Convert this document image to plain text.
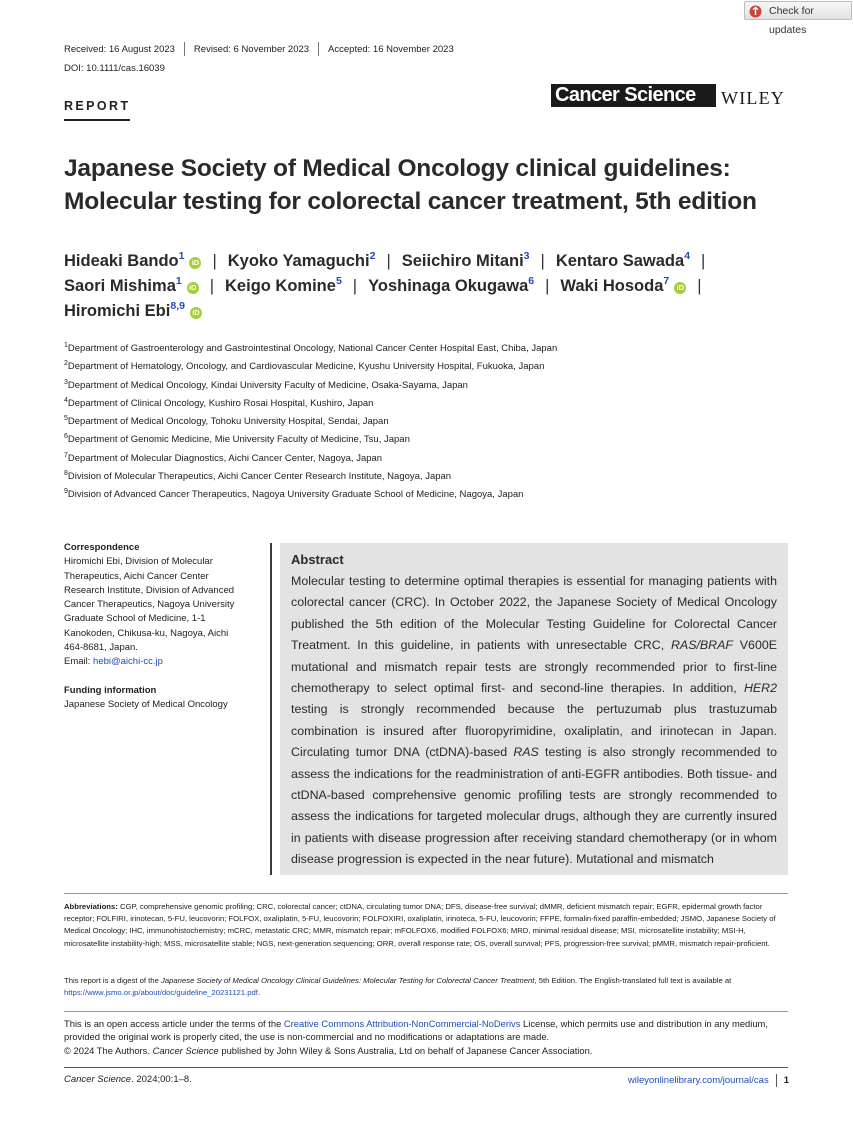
Check for updates
Received: 16 August 2023 Revised: 6 November 2023 Accepted: 16 November 2023
DOI: 10.1111/cas.16039
REPORT	Cancer Science	WILEY
Japanese Society of Medical Oncology clinical guidelines: Molecular testing for colorectal cancer treatment, 5th edition
Hideaki Bando$^1$iD | Kyoko Yamaguchi$^2$ | Seiichiro Mitani$^3$ | Kentaro Sawada$^4$ |
Saori Mishima$^1$iD | Keigo Komine$^5$ | Yoshinaga Okugawa$^6$ | Waki Hosoda$^7$iD |
Hiromichi Ebi$^{8,9}$iD
$^1$Department of Gastroenterology and Gastrointestinal Oncology, National Cancer Center Hospital East, Chiba, Japan
$^2$Department of Hematology, Oncology, and Cardiovascular Medicine, Kyushu University Hospital, Fukuoka, Japan
$^3$Department of Medical Oncology, Kindai University Faculty of Medicine, Osaka-Sayama, Japan
$^4$Department of Clinical Oncology, Kushiro Rosai Hospital, Kushiro, Japan
$^5$Department of Medical Oncology, Tohoku University Hospital, Sendai, Japan
$^6$Department of Genomic Medicine, Mie University Faculty of Medicine, Tsu, Japan
$^7$Department of Molecular Diagnostics, Aichi Cancer Center, Nagoya, Japan
$^8$Division of Molecular Therapeutics, Aichi Cancer Center Research Institute, Nagoya, Japan
$^9$Division of Advanced Cancer Therapeutics, Nagoya University Graduate School of Medicine, Nagoya, Japan
Correspondence
Hiromichi Ebi, Division of Molecular
Therapeutics, Aichi Cancer Center
Research Institute, Division of Advanced
Cancer Therapeutics, Nagoya University
Graduate School of Medicine, 1-1
Kanokoden, Chikusa-ku, Nagoya, Aichi
464-8681, Japan.
Email: hebi@aichi-cc.jp
Funding information
Japanese Society of Medical Oncology
Abstract
Molecular testing to determine optimal therapies is essential for managing patients with colorectal cancer (CRC). In October 2022, the Japanese Society of Medical Oncology published the 5th edition of the Molecular Testing Guideline for Colorectal Cancer Treatment. In this guideline, in patients with unresectable CRC, RAS/BRAF V600E mutational and mismatch repair tests are strongly recommended prior to first-line chemotherapy to select optimal first- and second-line therapies. In addition, HER2 testing is strongly recommended because the pertuzumab plus trastuzumab combination is insured after fluoropyrimidine, oxaliplatin, and irinotecan in Japan. Circulating tumor DNA (ctDNA)-based RAS testing is also strongly recommended to assess the indications for the readministration of anti-EGFR antibodies. Both tissue- and ctDNA-based comprehensive genomic profiling tests are strongly recommended to assess the indications for targeted molecular drugs, although they are currently insured in patients with disease progression after receiving standard chemotherapy (or in whom disease progression is expected in the near future). Mutational and mismatch
Abbreviations: CGP, comprehensive genomic profiling; CRC, colorectal cancer; ctDNA, circulating tumor DNA; DFS, disease-free survival; dMMR, deficient mismatch repair; EGFR, epidermal growth factor receptor; FOLFIRI, irinotecan, 5-FU, leucovorin; FOLFOX, oxaliplatin, 5-FU, leucovorin; FOLFOXIRI, oxaliplatin, irinoteca, 5-FU, leucovorin; FFPE, formalin-fixed paraffin-embedded; JSMO, Japanese Society of Medical Oncology; IHC, immunohistochemistry; mCRC, metastatic CRC; MMR, mismatch repair; mFOLFOX6, modified FOLFOX6; MRD, minimal residual disease; MSI, microsatellite instability; MSI-H, microsatellite instability-high; MSS, microsatellite stable; NGS, next-generation sequencing; ORR, overall response rate; OS, overall survival; PFS, progression-free survival; pMMR, mismatch repair-proficient.
This report is a digest of the Japanese Society of Medical Oncology Clinical Guidelines: Molecular Testing for Colorectal Cancer Treatment, 5th Edition. The English-translated full text is available at https://www.jsmo.or.jp/about/doc/guideline_20231121.pdf.
This is an open access article under the terms of the Creative Commons Attribution-NonCommercial-NoDerivs License, which permits use and distribution in any medium, provided the original work is properly cited, the use is non-commercial and no modifications or adaptations are made.
© 2024 The Authors. Cancer Science published by John Wiley & Sons Australia, Ltd on behalf of Japanese Cancer Association.
Cancer Science. 2024;00:1–8.	wileyonlinelibrary.com/journal/cas 1
